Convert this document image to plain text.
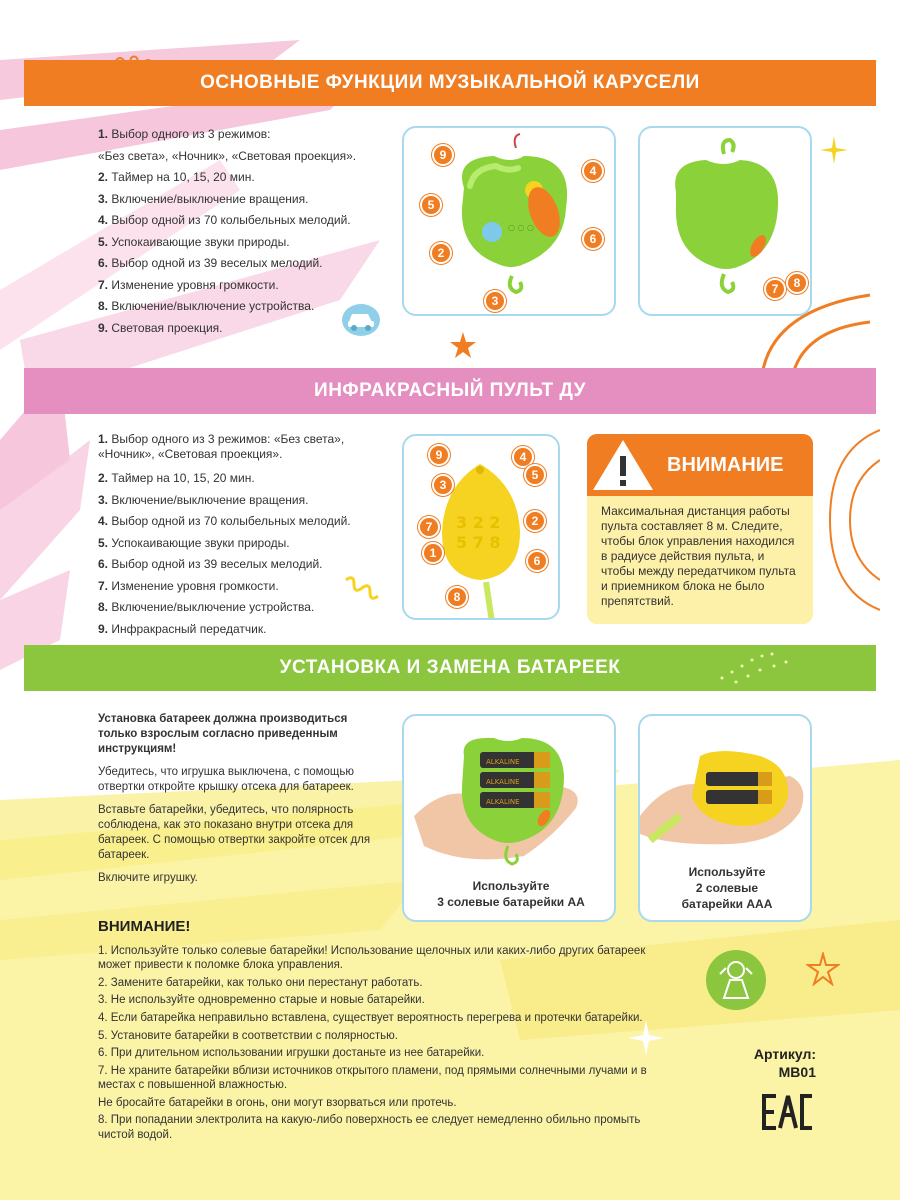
ОСНОВНЫЕ ФУНКЦИИ МУЗЫКАЛЬНОЙ КАРУСЕЛИ
1. Выбор одного из 3 режимов:
«Без света», «Ночник», «Световая проекция».
2. Таймер на 10, 15, 20 мин.
3. Включение/выключение вращения.
4. Выбор одной из 70 колыбельных мелодий.
5. Успокаивающие звуки природы.
6. Выбор одной из 39 веселых мелодий.
7. Изменение уровня громкости.
8. Включение/выключение устройства.
9. Световая проекция.
○ ○ ○
9
4
5
2
6
3
7	8
ИНФРАКРАСНЫЙ ПУЛЬТ ДУ
1. Выбор одного из 3 режимов: «Без света»,
«Ночник», «Световая проекция».
2. Таймер на 10, 15, 20 мин.
3. Включение/выключение вращения.
4. Выбор одной из 70 колыбельных мелодий.
5. Успокаивающие звуки природы.
6. Выбор одной из 39 веселых мелодий.
7. Изменение уровня громкости.
8. Включение/выключение устройства.
9. Инфракрасный передатчик.
3 2 2
5 7 8
9	4
5
3
7	2
1
6
8
ВНИМАНИЕ
Максимальная дистанция работы пульта составляет 8 м. Следите, чтобы блок управления находился в радиусе действия пульта, и чтобы между передатчиком пульта и приемником блока не было препятствий.
УСТАНОВКА И ЗАМЕНА БАТАРЕЕК

Установка батареек должна производиться только взрослым согласно приведенным инструкциям!

Убедитесь, что игрушка выключена, с помощью отвертки откройте крышку отсека для батареек.

Вставьте батарейки, убедитесь, что полярность соблюдена, как это показано внутри отсека для батареек. С помощью отвертки закройте отсек для батареек.

Включите игрушку.

ALKALINE
ALKALINE
ALKALINE
Используйте
3 солевые батарейки АА
Используйте
2 солевые
батарейки ААА
ВНИМАНИЕ!
1. Используйте только солевые батарейки! Использование щелочных или каких-либо других батареек может привести к поломке блока управления.
2. Замените батарейки, как только они перестанут работать.
3. Не используйте одновременно старые и новые батарейки.
4. Если батарейка неправильно вставлена, существует вероятность перегрева и протечки батарейки.
5. Установите батарейки в соответствии с полярностью.
6. При длительном использовании игрушки достаньте из нее батарейки.
7. Не храните батарейки вблизи источников открытого пламени, под прямыми солнечными лучами и в местах с повышенной влажностью.
Не бросайте батарейки в огонь, они могут взорваться или протечь.
8. При попадании электролита на какую-либо поверхность ее следует немедленно обильно промыть чистой водой.
Артикул:
MB01
